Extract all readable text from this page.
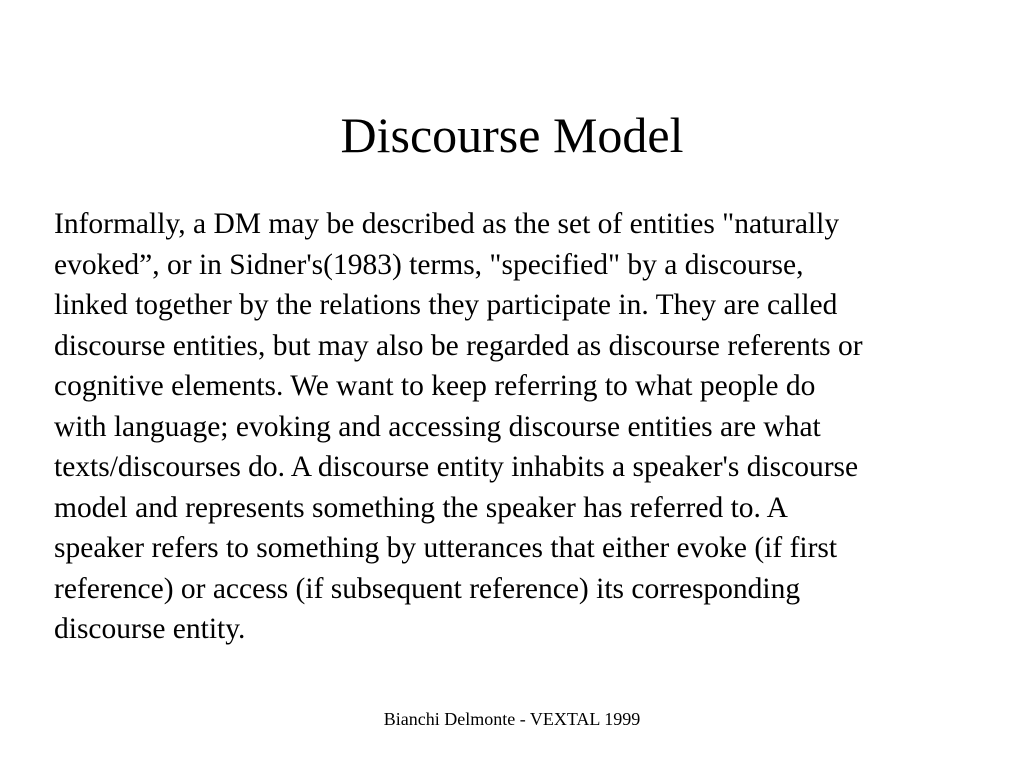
Discourse Model
Informally, a DM may be described as the set of entities "naturally
evoked”, or in Sidner's(1983) terms, "specified" by a discourse,
linked together by the relations they participate in. They are called
discourse entities, but may also be regarded as discourse referents or
cognitive elements. We want to keep referring to what people do
with language; evoking and accessing discourse entities are what
texts/discourses do. A discourse entity inhabits a speaker's discourse
model and represents something the speaker has referred to. A
speaker refers to something by utterances that either evoke (if first
reference) or access (if subsequent reference) its corresponding
discourse entity.
Bianchi Delmonte - VEXTAL 1999
